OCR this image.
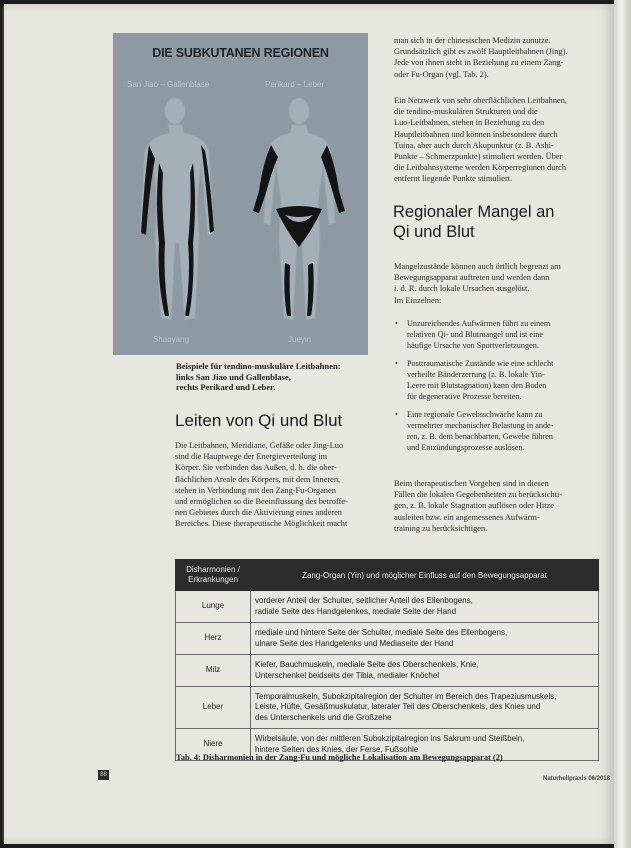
DIE SUBKUTANEN REGIONEN
San Jiao – Gallenblase	Perikard – Leber
Shaoyang	Jueyin
Beispiele für tendino-muskuläre Leitbahnen:
links San Jiao und Gallenblase,
rechts Perikard und Leber.
Leiten von Qi und Blut
Die Leitbahnen, Meridiane, Gefäße oder Jing-Luo
sind die Hauptwege der Energieverteilung im
Körper. Sie verbinden das Außen, d. h. die ober-
flächlichen Areale des Körpers, mit dem Inneren,
stehen in Verbindung mit den Zang-Fu-Organen
und ermöglichen so die Beeinflussung des betroffe-
nen Gebietes durch die Aktivierung eines anderen
Bereiches. Diese therapeutische Möglichkeit macht
man sich in der chinesischen Medizin zunutze.
Grundsätzlich gibt es zwölf Hauptleitbahnen (Jing).
Jede von ihnen steht in Beziehung zu einem Zang-
oder Fu-Organ (vgl. Tab. 2).
Ein Netzwerk von sehr oberflächlichen Leitbahnen,
die tendino-muskulären Strukturen und die
Luo-Leitbahnen, stehen in Beziehung zu den
Hauptleitbahnen und können insbesondere durch
Tuina, aber auch durch Akupunktur (z. B. Ashi-
Punkte – Schmerzpunkte) stimuliert werden. Über
die Leitbahnsysteme werden Körperregionen durch
entfernt liegende Punkte stimuliert.
Regionaler Mangel an
Qi und Blut
Mangelzustände können auch örtlich begrenzt am
Bewegungsapparat auftreten und werden dann
i. d. R. durch lokale Ursachen ausgelöst.
Im Einzelnen:
• Unzureichendes Aufwärmen führt zu einem
relativen Qi- und Blutmangel und ist eine
häufige Ursache von Sportverletzungen.
• Posttraumatische Zustände wie eine schlecht
verheilte Bänderzerrung (z. B. lokale Yin-
Leere mit Blutstagnation) kann den Boden
für degenerative Prozesse bereiten.
• Eine regionale Gewebsschwäche kann zu
vermehrter mechanischer Belastung in ande-
ren, z. B. dem benachbarten, Gewebe führen
und Entzündungsprozesse auslösen.
Beim therapeutischen Vorgehen sind in diesen
Fällen die lokalen Gegebenheiten zu berücksichti-
gen, z. B. lokale Stagnation auflösen oder Hitze
ausleiten bzw. ein angemessenes Aufwärm-
training zu berücksichtigen.
Disharmonien / Erkrankungen	Zang-Organ (Yin) und möglicher Einfluss auf den Bewegungsapparat
Lunge	vorderer Anteil der Schulter, seitlicher Anteil des Ellenbogens,
radiale Seite des Handgelenkes, mediale Seite der Hand

Herz	mediale und hintere Seite der Schulter, mediale Seite des Ellenbogens,
ulnare Seite des Handgelenks und Mediaseite der Hand

Milz	Kiefer, Bauchmuskeln, mediale Seite des Oberschenkels, Knie,
Unterschenkel beidseits der Tibia, medialer Knöchel

Leber	Temporalmuskeln, Subokzipitalregion der Schulter im Bereich des Trapeziusmuskels,
Leiste, Hüfte, Gesäßmuskulatur, lateraler Teil des Oberschenkels, des Knies und
des Unterschenkels und die Großzehe

Niere	Wirbelsäule, von der mittleren Subokzipitalregion ins Sakrum und Steißbein,
hintere Seiten des Knies, der Ferse, Fußsohle
Tab. 4: Disharmonien in der Zang-Fu und mögliche Lokalisation am Bewegungsapparat (2)
88
Naturheilpraxis 06/2018
